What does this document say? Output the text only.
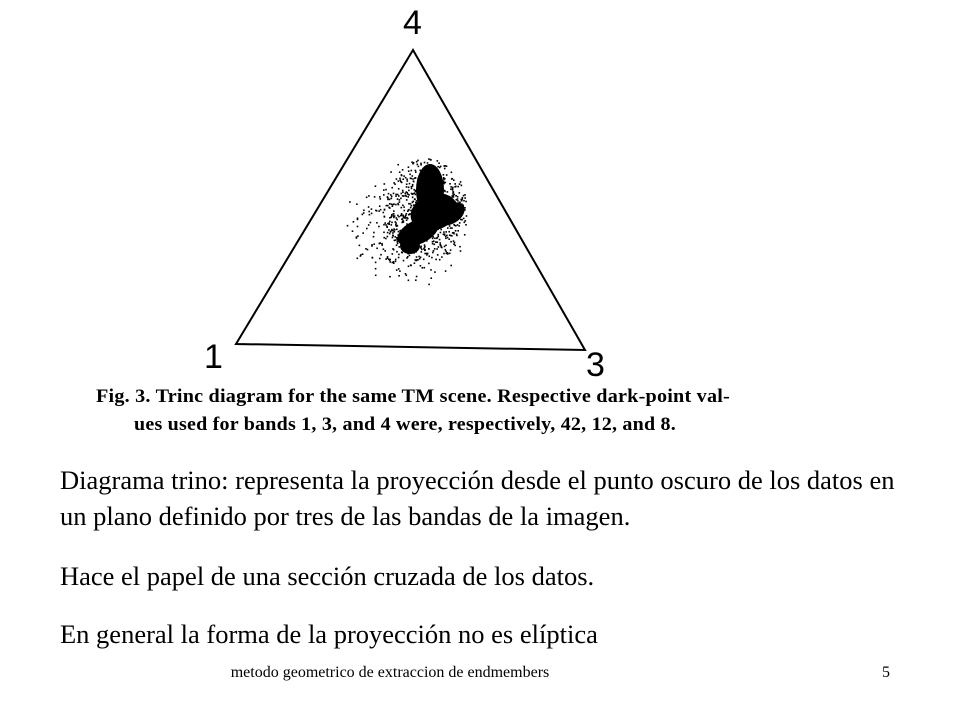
4
1	3
Fig. 3. Trinc diagram for the same TM scene. Respective dark-point val-
ues used for bands 1, 3, and 4 were, respectively, 42, 12, and 8.

Diagrama trino: representa la proyección desde el punto oscuro de los datos en un plano definido por tres de las bandas de la imagen.

Hace el papel de una sección cruzada de los datos.

En general la forma de la proyección no es elíptica

metodo geometrico de extraccion de endmembers	5
